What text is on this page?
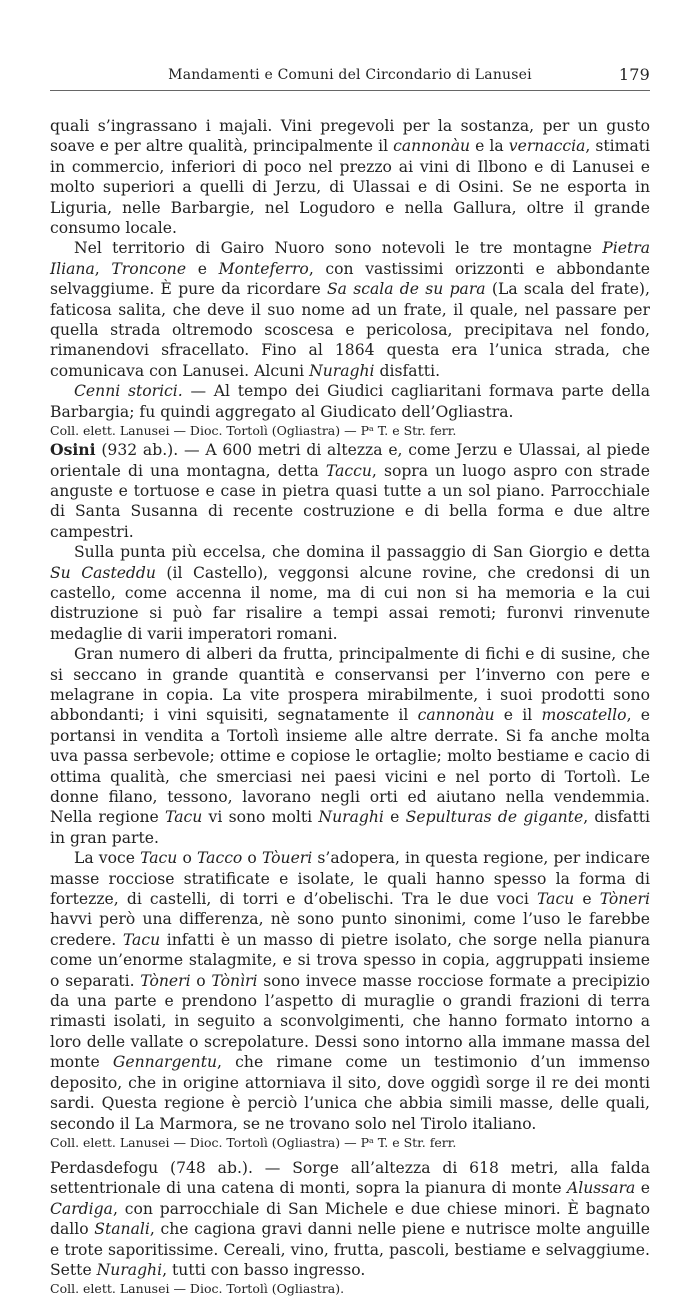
Mandamenti e Comuni del Circondario di Lanusei	179

quali s’ingrassano i majali. Vini pregevoli per la sostanza, per un gusto soave e per altre qualità, principalmente il cannonàu e la vernaccia, stimati in commercio, inferiori di poco nel prezzo ai vini di Ilbono e di Lanusei e molto superiori a quelli di Jerzu, di Ulassai e di Osini. Se ne esporta in Liguria, nelle Barbargie, nel Logudoro e nella Gallura, oltre il grande consumo locale.

Nel territorio di Gairo Nuoro sono notevoli le tre montagne Pietra Iliana, Troncone e Monteferro, con vastissimi orizzonti e abbondante selvaggiume. È pure da ricordare Sa scala de su para (La scala del frate), faticosa salita, che deve il suo nome ad un frate, il quale, nel passare per quella strada oltremodo scoscesa e pericolosa, precipitava nel fondo, rimanendovi sfracellato. Fino al 1864 questa era l’unica strada, che comunicava con Lanusei. Alcuni Nuraghi disfatti.

Cenni storici. — Al tempo dei Giudici cagliaritani formava parte della Barbargia; fu quindi aggregato al Giudicato dell’Ogliastra.

Coll. elett. Lanusei — Dioc. Tortolì (Ogliastra) — Pᵃ T. e Str. ferr.

Osini (932 ab.). — A 600 metri di altezza e, come Jerzu e Ulassai, al piede orientale di una montagna, detta Taccu, sopra un luogo aspro con strade anguste e tortuose e case in pietra quasi tutte a un sol piano. Parrocchiale di Santa Susanna di recente costruzione e di bella forma e due altre campestri.

Sulla punta più eccelsa, che domina il passaggio di San Giorgio e detta Su Casteddu (il Castello), veggonsi alcune rovine, che credonsi di un castello, come accenna il nome, ma di cui non si ha memoria e la cui distruzione si può far risalire a tempi assai remoti; furonvi rinvenute medaglie di varii imperatori romani.

Gran numero di alberi da frutta, principalmente di fichi e di susine, che si seccano in grande quantità e conservansi per l’inverno con pere e melagrane in copia. La vite prospera mirabilmente, i suoi prodotti sono abbondanti; i vini squisiti, segnatamente il cannonàu e il moscatello, e portansi in vendita a Tortolì insieme alle altre derrate. Si fa anche molta uva passa serbevole; ottime e copiose le ortaglie; molto bestiame e cacio di ottima qualità, che smerciasi nei paesi vicini e nel porto di Tortolì. Le donne filano, tessono, lavorano negli orti ed aiutano nella vendemmia. Nella regione Tacu vi sono molti Nuraghi e Sepulturas de gigante, disfatti in gran parte.

La voce Tacu o Tacco o Tòueri s’adopera, in questa regione, per indicare masse rocciose stratificate e isolate, le quali hanno spesso la forma di fortezze, di castelli, di torri e d’obelischi. Tra le due voci Tacu e Tòneri havvi però una differenza, nè sono punto sinonimi, come l’uso le farebbe credere. Tacu infatti è un masso di pietre isolato, che sorge nella pianura come un’enorme stalagmite, e si trova spesso in copia, aggruppati insieme o separati. Tòneri o Tònìri sono invece masse rocciose formate a precipizio da una parte e prendono l’aspetto di muraglie o grandi frazioni di terra rimasti isolati, in seguito a sconvolgimenti, che hanno formato intorno a loro delle vallate o screpolature. Dessi sono intorno alla immane massa del monte Gennargentu, che rimane come un testimonio d’un immenso deposito, che in origine attorniava il sito, dove oggidì sorge il re dei monti sardi. Questa regione è perciò l’unica che abbia simili masse, delle quali, secondo il La Marmora, se ne trovano solo nel Tirolo italiano.

Coll. elett. Lanusei — Dioc. Tortolì (Ogliastra) — Pᵃ T. e Str. ferr.

Perdasdefogu (748 ab.). — Sorge all’altezza di 618 metri, alla falda settentrionale di una catena di monti, sopra la pianura di monte Alussara e Cardiga, con parrocchiale di San Michele e due chiese minori. È bagnato dallo Stanali, che cagiona gravi danni nelle piene e nutrisce molte anguille e trote saporitissime. Cereali, vino, frutta, pascoli, bestiame e selvaggiume. Sette Nuraghi, tutti con basso ingresso.

Coll. elett. Lanusei — Dioc. Tortolì (Ogliastra).
